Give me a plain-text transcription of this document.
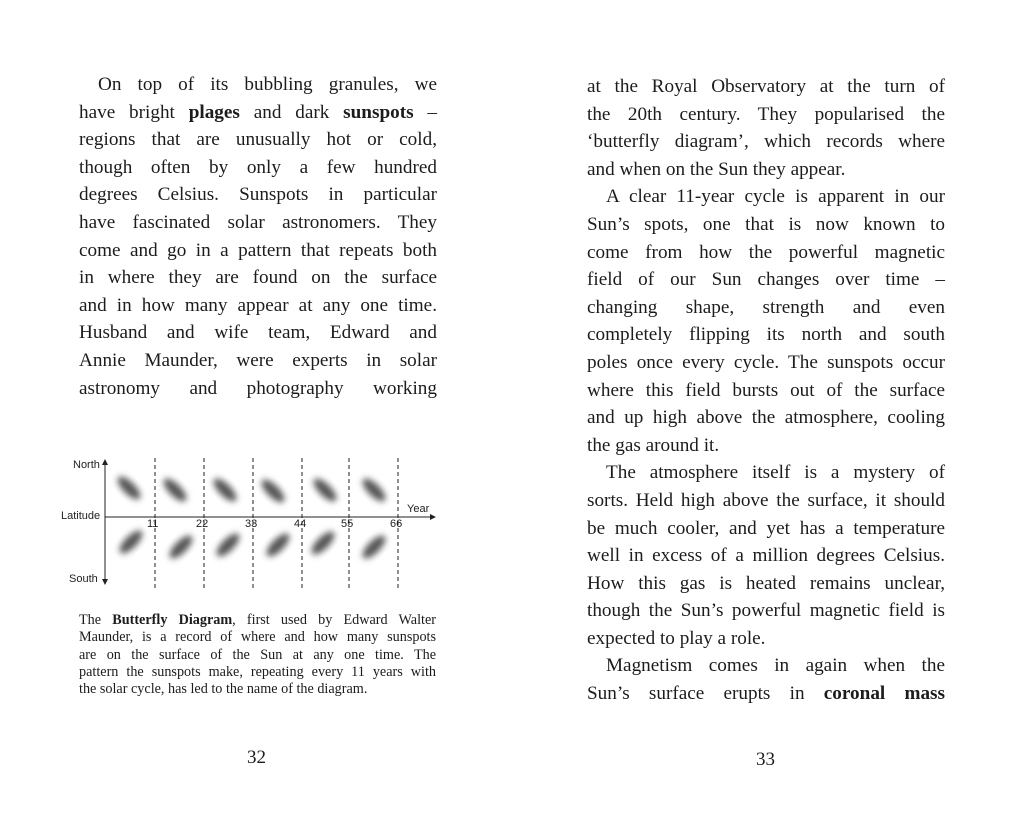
On top of its bubbling granules, we
have bright plages and dark sunspots –
regions that are unusually hot or cold,
though often by only a few hundred
degrees Celsius. Sunspots in particular
have fascinated solar astronomers. They
come and go in a pattern that repeats both
in where they are found on the surface
and in how many appear at any one time.
Husband and wife team, Edward and
Annie Maunder, were experts in solar
astronomy and photography working
North
South
Latitude
Year
11	22	33	44	55	66
The Butterfly Diagram, first used by Edward Walter
Maunder, is a record of where and how many sunspots
are on the surface of the Sun at any one time. The
pattern the sunspots make, repeating every 11 years with
the solar cycle, has led to the name of the diagram.
at the Royal Observatory at the turn of
the 20th century. They popularised the
‘butterfly diagram’, which records where
and when on the Sun they appear.
A clear 11-year cycle is apparent in our
Sun’s spots, one that is now known to
come from how the powerful magnetic
field of our Sun changes over time –
changing shape, strength and even
completely flipping its north and south
poles once every cycle. The sunspots occur
where this field bursts out of the surface
and up high above the atmosphere, cooling
the gas around it.
The atmosphere itself is a mystery of
sorts. Held high above the surface, it should
be much cooler, and yet has a temperature
well in excess of a million degrees Celsius.
How this gas is heated remains unclear,
though the Sun’s powerful magnetic field is
expected to play a role.
Magnetism comes in again when the
Sun’s surface erupts in coronal mass
32	33
